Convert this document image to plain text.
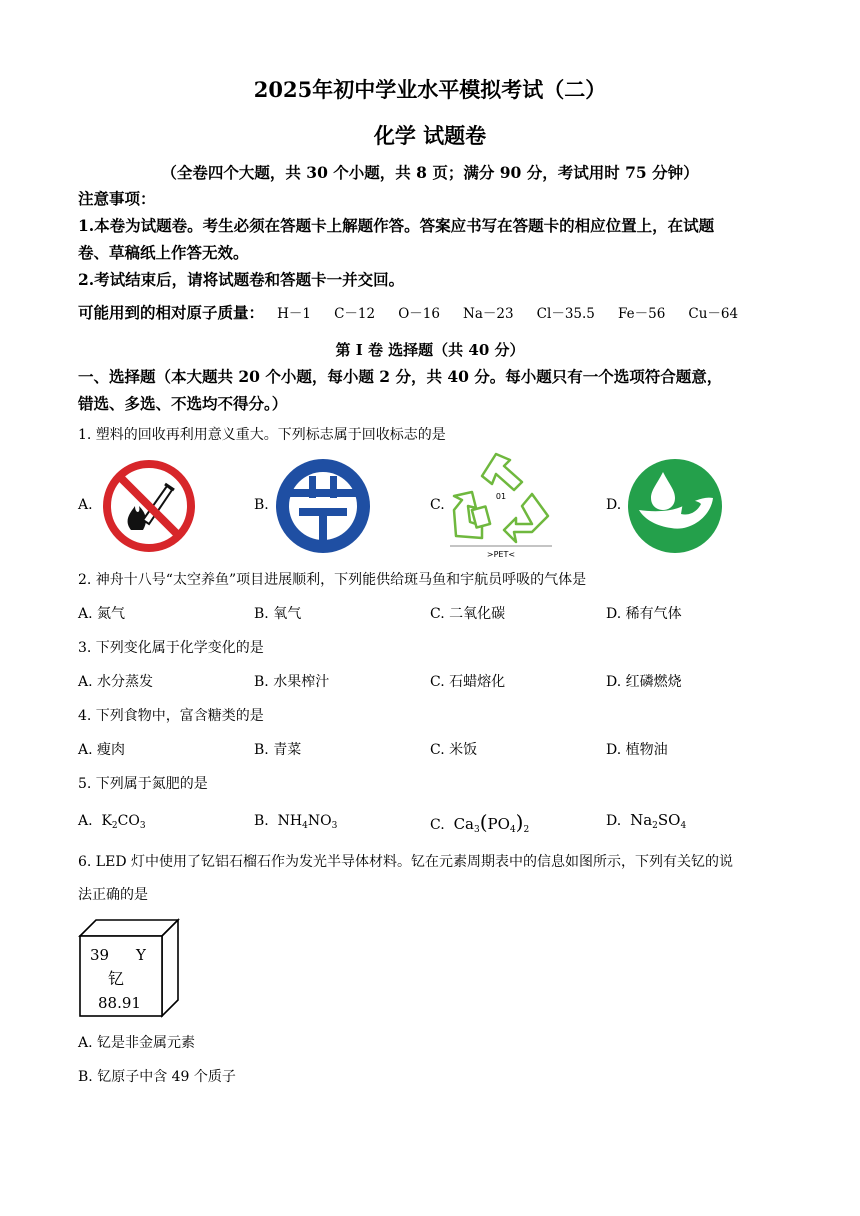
2025年初中学业水平模拟考试（二）
化学 试题卷
（全卷四个大题，共 30 个小题，共 8 页；满分 90 分，考试用时 75 分钟）
注意事项：
1.本卷为试题卷。考生必须在答题卡上解题作答。答案应书写在答题卡的相应位置上，在试题
卷、草稿纸上作答无效。
2.考试结束后，请将试题卷和答题卡一并交回。
可能用到的相对原子质量： H－1 C－12 O－16 Na－23 Cl－35.5 Fe－56 Cu－64
第 I 卷 选择题（共 40 分）
一、选择题（本大题共 20 个小题，每小题 2 分，共 40 分。每小题只有一个选项符合题意，
错选、多选、不选均不得分。）
1. 塑料的回收再利用意义重大。下列标志属于回收标志的是
A.	B.	C.	D.
01
>PET<
2. 神舟十八号“太空养鱼”项目进展顺利，下列能供给斑马鱼和宇航员呼吸的气体是
A. 氮气	B. 氧气	C. 二氧化碳	D. 稀有气体
3. 下列变化属于化学变化的是
A. 水分蒸发	B. 水果榨汁	C. 石蜡熔化	D. 红磷燃烧
4. 下列食物中，富含糖类的是
A. 瘦肉	B. 青菜	C. 米饭	D. 植物油
5. 下列属于氮肥的是
A.  $K_2CO_3$	B.  $NH_4NO_3$	C. $Ca_3(PO_4)_2$
D. $Na_2SO_4$
6. LED 灯中使用了钇铝石榴石作为发光半导体材料。钇在元素周期表中的信息如图所示，下列有关钇的说
法正确的是
39 Y
钇
88.91
A. 钇是非金属元素
B. 钇原子中含 49 个质子
